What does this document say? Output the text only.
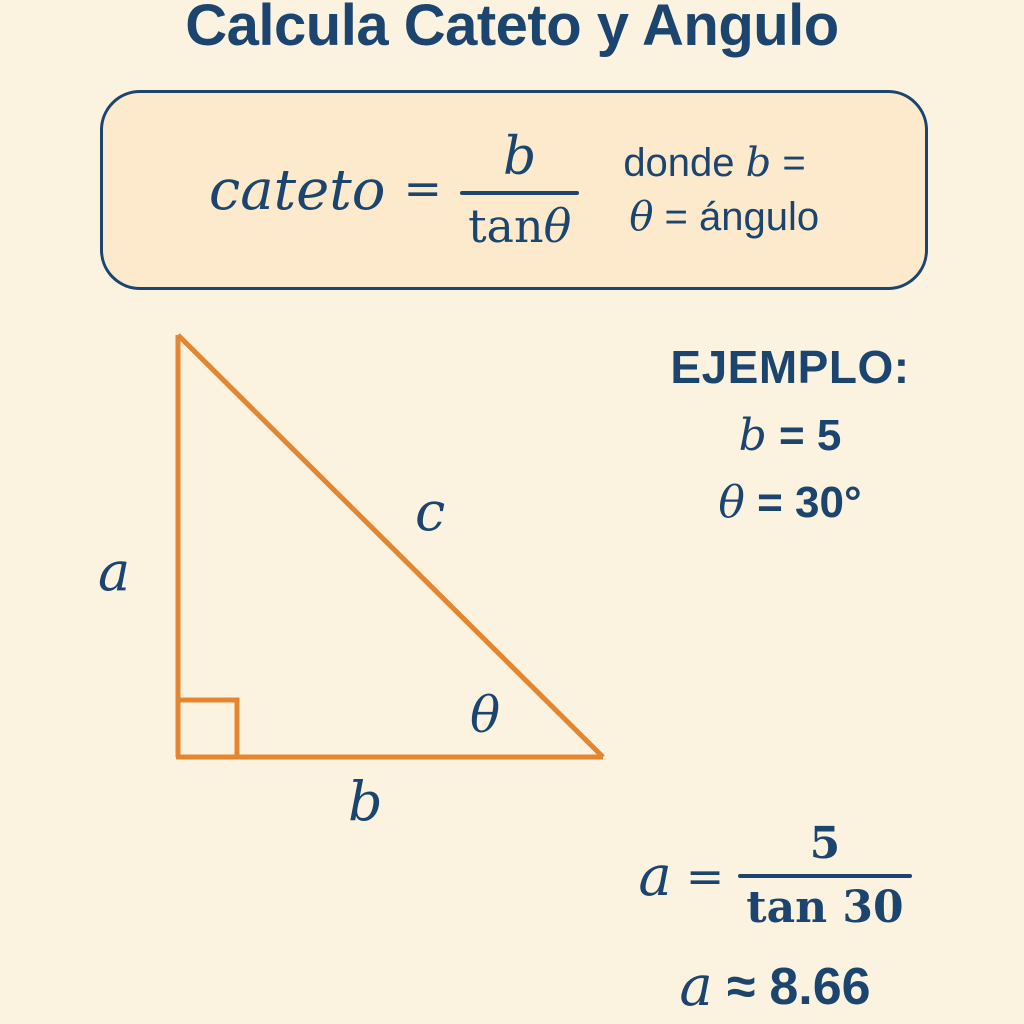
Calcula Cateto y Angulo
cateto = $\frac{b}{\tan\theta}$ donde b =
θ = ángulo
a
b
c
θ
EJEMPLO:
b = 5
θ = 30°
$a = \frac{5}{\tan 30}$
a ≈ 8.66
